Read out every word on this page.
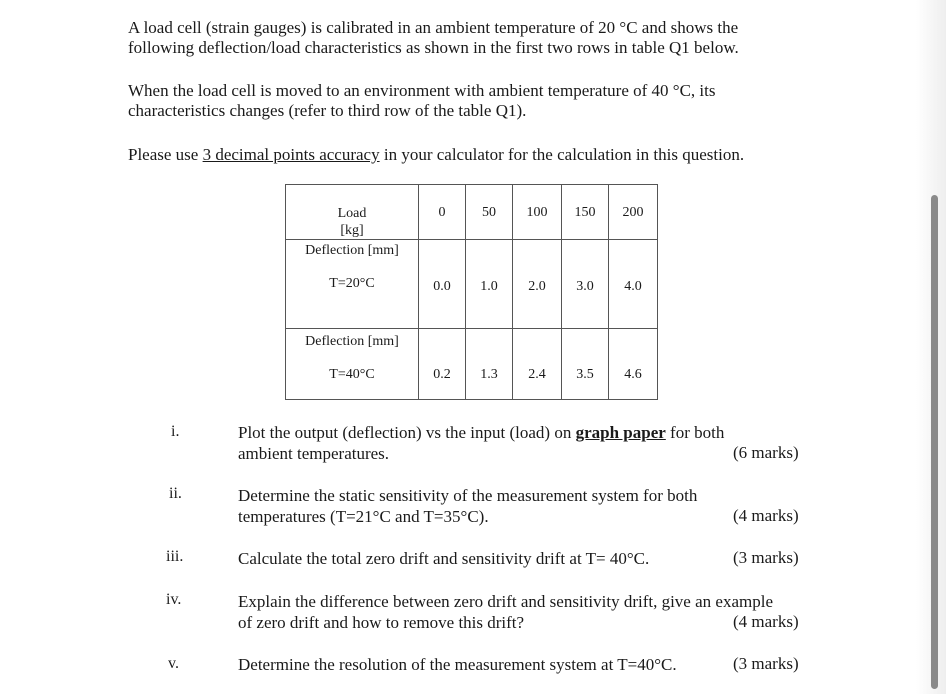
A load cell (strain gauges) is calibrated in an ambient temperature of 20 °C and shows the
following deflection/load characteristics as shown in the first two rows in table Q1 below.

When the load cell is moved to an environment with ambient temperature of 40 °C, its
characteristics changes (refer to third row of the table Q1).

Please use 3 decimal points accuracy in your calculator for the calculation in this question.

Load
[kg]	0	50	100	150	200

Deflection [mm]
T=20°C	0.0	1.0	2.0	3.0	4.0

Deflection [mm]
T=40°C	0.2	1.3	2.4	3.5	4.6
i.	Plot the output (deflection) vs the input (load) on graph paper for both
ambient temperatures.	(6 marks)
ii.	Determine the static sensitivity of the measurement system for both
temperatures (T=21°C and T=35°C).	(4 marks)
iii.	Calculate the total zero drift and sensitivity drift at T= 40°C.	(3 marks)
iv.	Explain the difference between zero drift and sensitivity drift, give an example
of zero drift and how to remove this drift?	(4 marks)
v.	Determine the resolution of the measurement system at T=40°C.	(3 marks)
